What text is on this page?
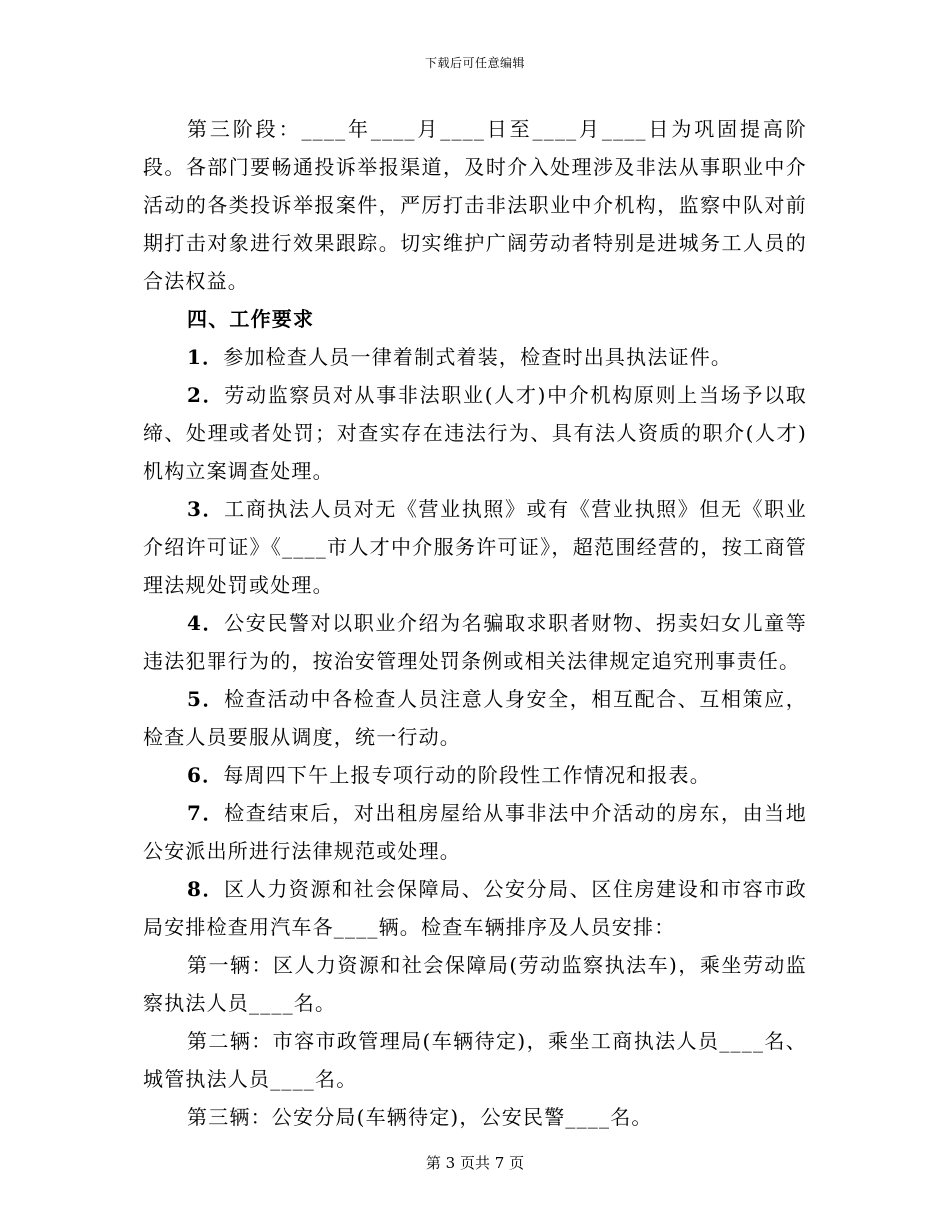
下载后可任意编辑

第三阶段：____年____月____日至____月____日为巩固提高阶段。各部门要畅通投诉举报渠道，及时介入处理涉及非法从事职业中介活动的各类投诉举报案件，严厉打击非法职业中介机构，监察中队对前期打击对象进行效果跟踪。切实维护广阔劳动者特别是进城务工人员的合法权益。

四、工作要求

1．参加检查人员一律着制式着装，检查时出具执法证件。

2．劳动监察员对从事非法职业(人才)中介机构原则上当场予以取缔、处理或者处罚；对查实存在违法行为、具有法人资质的职介(人才)机构立案调查处理。

3．工商执法人员对无《营业执照》或有《营业执照》但无《职业介绍许可证》《____市人才中介服务许可证》，超范围经营的，按工商管理法规处罚或处理。

4．公安民警对以职业介绍为名骗取求职者财物、拐卖妇女儿童等违法犯罪行为的，按治安管理处罚条例或相关法律规定追究刑事责任。

5．检查活动中各检查人员注意人身安全，相互配合、互相策应，检查人员要服从调度，统一行动。

6．每周四下午上报专项行动的阶段性工作情况和报表。

7．检查结束后，对出租房屋给从事非法中介活动的房东，由当地公安派出所进行法律规范或处理。

8．区人力资源和社会保障局、公安分局、区住房建设和市容市政局安排检查用汽车各____辆。检查车辆排序及人员安排：

第一辆：区人力资源和社会保障局(劳动监察执法车)，乘坐劳动监察执法人员____名。

第二辆：市容市政管理局(车辆待定)，乘坐工商执法人员____名、城管执法人员____名。

第三辆：公安分局(车辆待定)，公安民警____名。

第 3 页共 7 页
